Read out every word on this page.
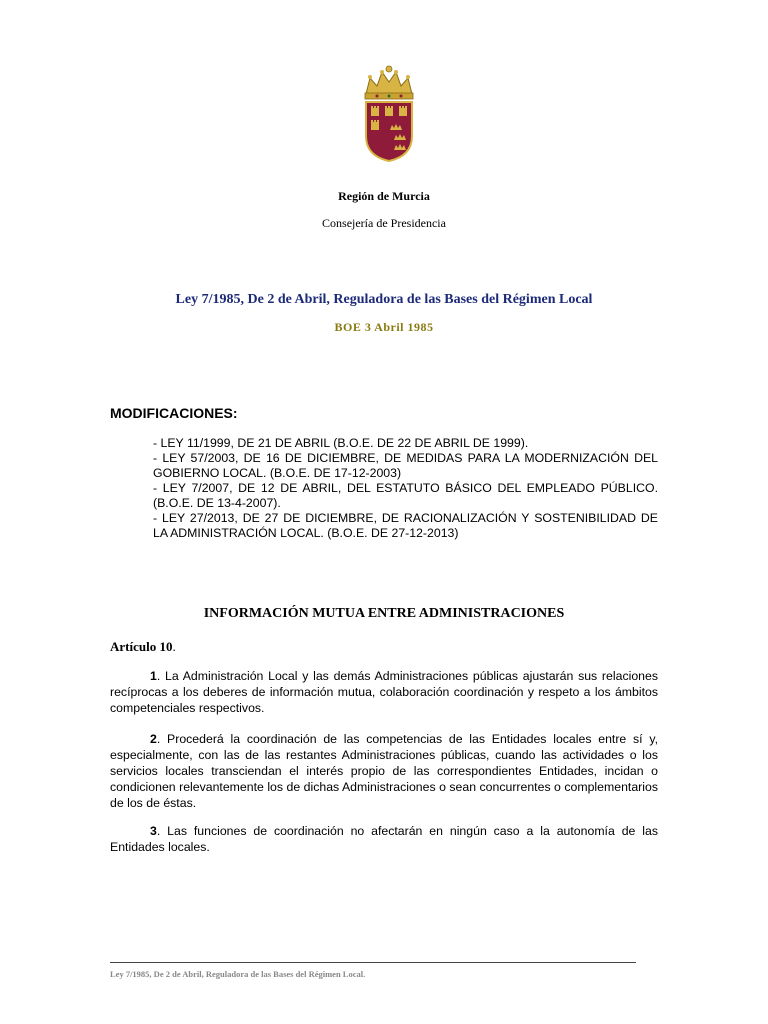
Región de Murcia
Consejería de Presidencia
Ley 7/1985, De 2 de Abril, Reguladora de las Bases del Régimen Local
BOE 3 Abril 1985
MODIFICACIONES:

- LEY 11/1999, DE 21 DE ABRIL (B.O.E. DE 22 DE ABRIL DE 1999).

- LEY 57/2003, DE 16 DE DICIEMBRE, DE MEDIDAS PARA LA MODERNIZACIÓN DEL GOBIERNO LOCAL. (B.O.E. DE 17-12-2003)

- LEY 7/2007, DE 12 DE ABRIL, DEL ESTATUTO BÁSICO DEL EMPLEADO PÚBLICO. (B.O.E. DE 13-4-2007).

- LEY 27/2013, DE 27 DE DICIEMBRE, DE RACIONALIZACIÓN Y SOSTENIBILIDAD DE LA ADMINISTRACIÓN LOCAL. (B.O.E. DE 27-12-2013)

INFORMACIÓN MUTUA ENTRE ADMINISTRACIONES
Artículo 10.

1. La Administración Local y las demás Administraciones públicas ajustarán sus relaciones recíprocas a los deberes de información mutua, colaboración coordinación y respeto a los ámbitos competenciales respectivos.

2. Procederá la coordinación de las competencias de las Entidades locales entre sí y, especialmente, con las de las restantes Administraciones públicas, cuando las actividades o los servicios locales transciendan el interés propio de las correspondientes Entidades, incidan o condicionen relevantemente los de dichas Administraciones o sean concurrentes o complementarios de los de éstas.

3. Las funciones de coordinación no afectarán en ningún caso a la autonomía de las Entidades locales.

Ley 7/1985, De 2 de Abril, Reguladora de las Bases del Régimen Local.
